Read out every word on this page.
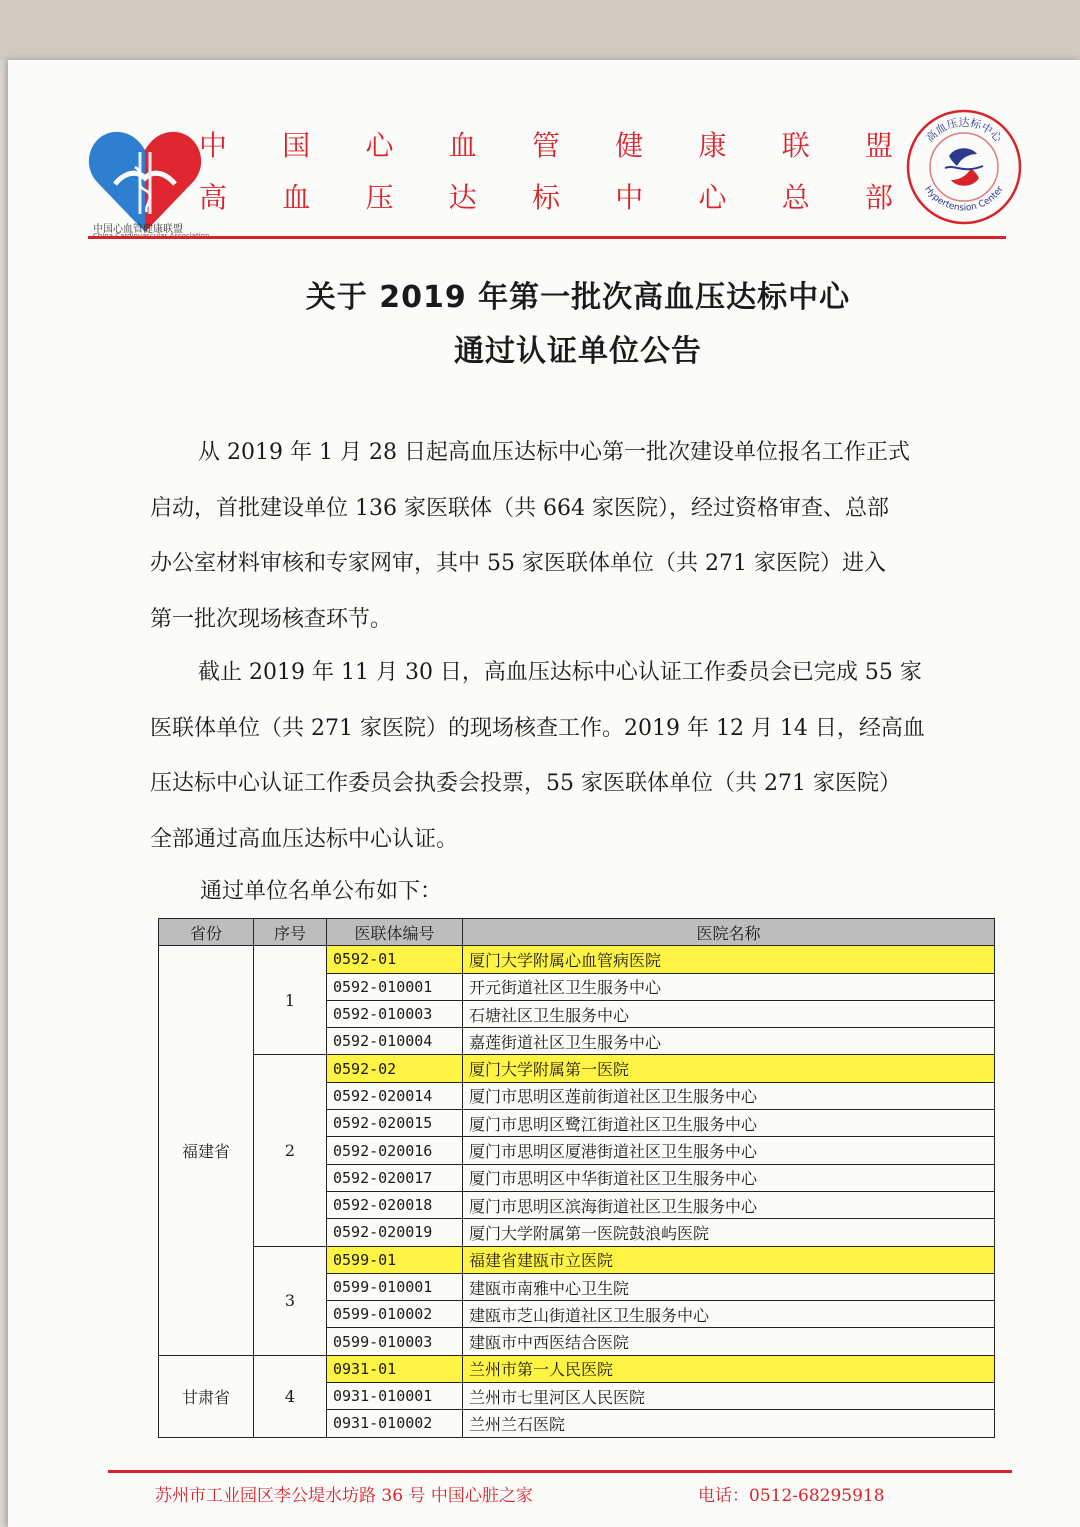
中国心血管健康联盟
中 国 心 血 管 健 康 联 盟
高 血 压 达 标 中 心 总 部
高血压达标中心
Hypertension Center
关于 2019 年第一批次高血压达标中心
通过认证单位公告
从 2019 年 1 月 28 日起高血压达标中心第一批次建设单位报名工作正式
启动，首批建设单位 136 家医联体（共 664 家医院），经过资格审查、总部
办公室材料审核和专家网审，其中 55 家医联体单位（共 271 家医院）进入
第一批次现场核查环节。
截止 2019 年 11 月 30 日，高血压达标中心认证工作委员会已完成 55 家
医联体单位（共 271 家医院）的现场核查工作。2019 年 12 月 14 日，经高血
压达标中心认证工作委员会执委会投票，55 家医联体单位（共 271 家医院）
全部通过高血压达标中心认证。
通过单位名单公布如下：
省份	序号	医联体编号	医院名称
福建省	1	0592-01	厦门大学附属心血管病医院
		0592-010001	开元街道社区卫生服务中心
		0592-010003	石塘社区卫生服务中心
		0592-010004	嘉莲街道社区卫生服务中心
	2	0592-02	厦门大学附属第一医院
		0592-020014	厦门市思明区莲前街道社区卫生服务中心
		0592-020015	厦门市思明区鹭江街道社区卫生服务中心
		0592-020016	厦门市思明区厦港街道社区卫生服务中心
		0592-020017	厦门市思明区中华街道社区卫生服务中心
		0592-020018	厦门市思明区滨海街道社区卫生服务中心
		0592-020019	厦门大学附属第一医院鼓浪屿医院
	3	0599-01	福建省建瓯市立医院
		0599-010001	建瓯市南雅中心卫生院
		0599-010002	建瓯市芝山街道社区卫生服务中心
		0599-010003	建瓯市中西医结合医院
甘肃省	4	0931-01	兰州市第一人民医院
		0931-010001	兰州市七里河区人民医院
		0931-010002	兰州兰石医院
苏州市工业园区李公堤水坊路 36 号 中国心脏之家	电话：0512-68295918
